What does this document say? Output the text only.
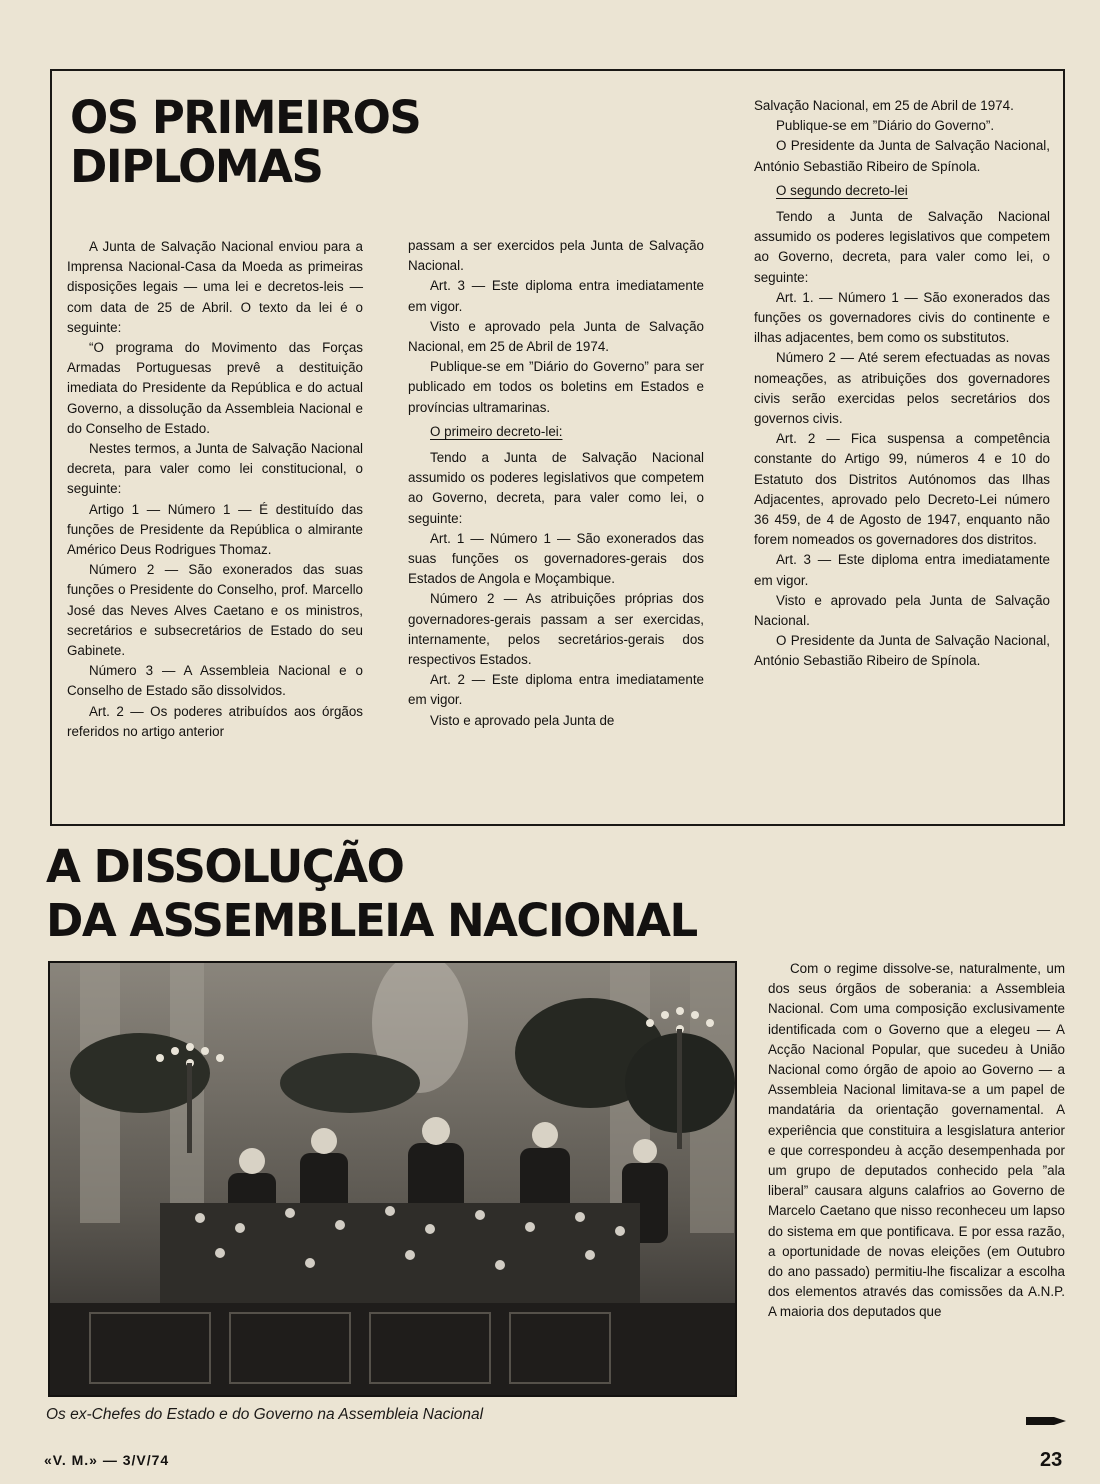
OS PRIMEIROS
DIPLOMAS

A Junta de Salvação Nacional enviou para a Imprensa Nacional-Casa da Moeda as primeiras disposições legais — uma lei e decretos-leis — com data de 25 de Abril. O texto da lei é o seguinte:

“O programa do Movimento das Forças Armadas Portuguesas prevê a destituição imediata do Presidente da República e do actual Governo, a dissolução da Assembleia Nacional e do Conselho de Estado.

Nestes termos, a Junta de Salvação Nacional decreta, para valer como lei constitucional, o seguinte:

Artigo 1 — Número 1 — É destituído das funções de Presidente da República o almirante Américo Deus Rodrigues Thomaz.

Número 2 — São exonerados das suas funções o Presidente do Conselho, prof. Marcello José das Neves Alves Caetano e os ministros, secretários e subsecretários de Estado do seu Gabinete.

Número 3 — A Assembleia Nacional e o Conselho de Estado são dissolvidos.

Art. 2 — Os poderes atribuídos aos órgãos referidos no artigo anterior

passam a ser exercidos pela Junta de Salvação Nacional.

Art. 3 — Este diploma entra imediatamente em vigor.

Visto e aprovado pela Junta de Salvação Nacional, em 25 de Abril de 1974.

Publique-se em ”Diário do Governo” para ser publicado em todos os boletins em Estados e províncias ultramarinas.

O primeiro decreto-lei:

Tendo a Junta de Salvação Nacional assumido os poderes legislativos que competem ao Governo, decreta, para valer como lei, o seguinte:

Art. 1 — Número 1 — São exonerados das suas funções os governadores-gerais dos Estados de Angola e Moçambique.

Número 2 — As atribuições próprias dos governadores-gerais passam a ser exercidas, internamente, pelos secretários-gerais dos respectivos Estados.

Art. 2 — Este diploma entra imediatamente em vigor.

Visto e aprovado pela Junta de

Salvação Nacional, em 25 de Abril de 1974.

Publique-se em ”Diário do Governo”.

O Presidente da Junta de Salvação Nacional, António Sebastião Ribeiro de Spínola.

O segundo decreto-lei

Tendo a Junta de Salvação Nacional assumido os poderes legislativos que competem ao Governo, decreta, para valer como lei, o seguinte:

Art. 1. — Número 1 — São exonerados das funções os governadores civis do continente e ilhas adjacentes, bem como os substitutos.

Número 2 — Até serem efectuadas as novas nomeações, as atribuições dos governadores civis serão exercidas pelos secretários dos governos civis.

Art. 2 — Fica suspensa a competência constante do Artigo 99, números 4 e 10 do Estatuto dos Distritos Autónomos das Ilhas Adjacentes, aprovado pelo Decreto-Lei número 36 459, de 4 de Agosto de 1947, enquanto não forem nomeados os governadores dos distritos.

Art. 3 — Este diploma entra imediatamente em vigor.

Visto e aprovado pela Junta de Salvação Nacional.

O Presidente da Junta de Salvação Nacional, António Sebastião Ribeiro de Spínola.

A DISSOLUÇÃO
DA ASSEMBLEIA NACIONAL
Os ex-Chefes do Estado e do Governo na Assembleia Nacional

Com o regime dissolve-se, naturalmente, um dos seus órgãos de soberania: a Assembleia Nacional. Com uma composição exclusivamente identificada com o Governo que a elegeu — A Acção Nacional Popular, que sucedeu à União Nacional como órgão de apoio ao Governo — a Assembleia Nacional limitava-se a um papel de mandatária da orientação governamental. A experiência que constituira a lesgislatura anterior e que correspondeu à acção desempenhada por um grupo de deputados conhecido pela ”ala liberal” causara alguns calafrios ao Governo de Marcelo Caetano que nisso reconheceu um lapso do sistema em que pontificava. E por essa razão, a oportunidade de novas eleições (em Outubro do ano passado) permitiu-lhe fiscalizar a escolha dos elementos através das comissões da A.N.P. A maioria dos deputados que

«V. M.» — 3/V/74	23
